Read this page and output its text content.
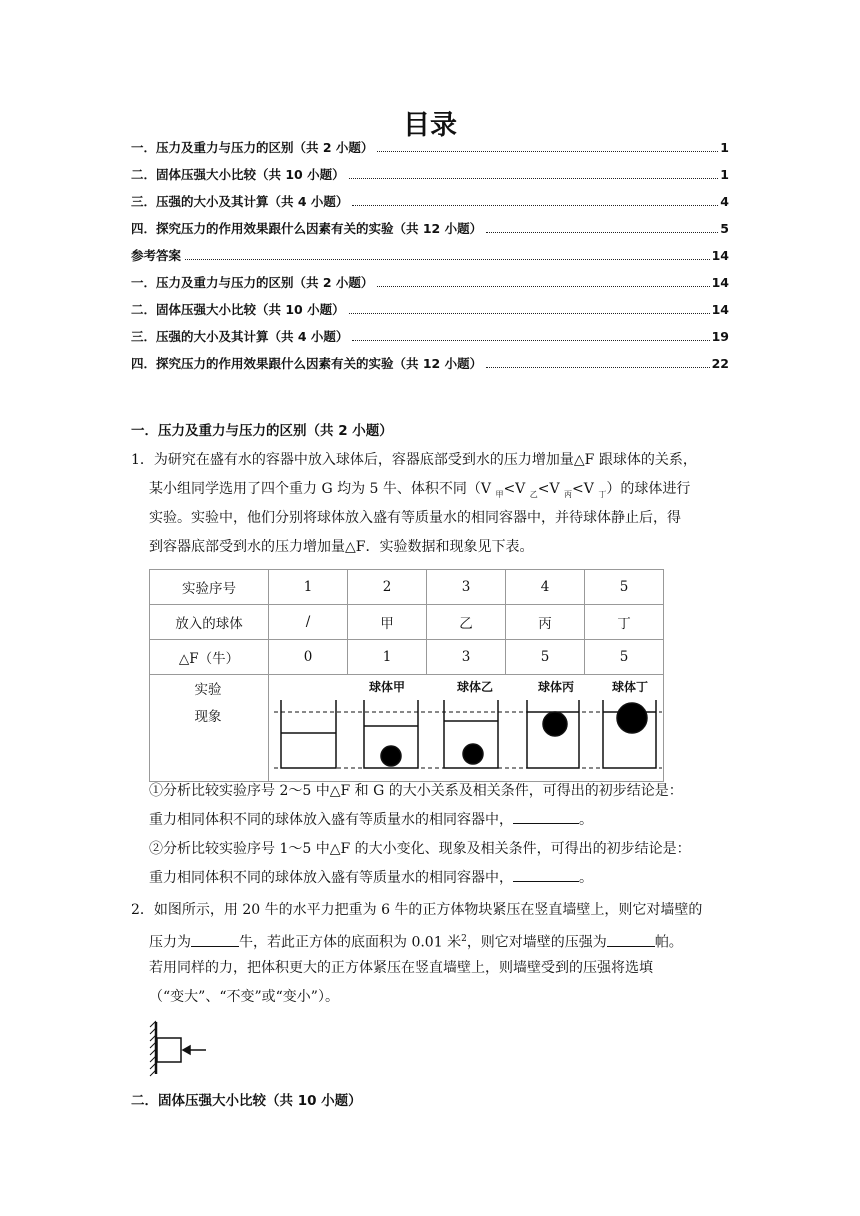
目录
一．压力及重力与压力的区别（共 2 小题）	1
二．固体压强大小比较（共 10 小题）	1
三．压强的大小及其计算（共 4 小题）	4
四．探究压力的作用效果跟什么因素有关的实验（共 12 小题）	5
参考答案	14
一．压力及重力与压力的区别（共 2 小题）	14
二．固体压强大小比较（共 10 小题）	14
三．压强的大小及其计算（共 4 小题）	19
四．探究压力的作用效果跟什么因素有关的实验（共 12 小题）	22
一．压力及重力与压力的区别（共 2 小题）
1．为研究在盛有水的容器中放入球体后，容器底部受到水的压力增加量△F 跟球体的关系，
某小组同学选用了四个重力 G 均为 5 牛、体积不同（V $_甲$<V $_乙$<V $_丙$<V $_丁$）的球体进行
实验。实验中，他们分别将球体放入盛有等质量水的相同容器中，并待球体静止后，得
到容器底部受到水的压力增加量△F．实验数据和现象见下表。
实验序号	1	2	3	4	5
放入的球体	/	甲	乙	丙	丁
△F（牛）	0	1	3	5	5

实验
现象
球体甲	球体乙	球体丙	球体丁
①分析比较实验序号 2～5 中△F 和 G 的大小关系及相关条件，可得出的初步结论是：
重力相同体积不同的球体放入盛有等质量水的相同容器中，	。
②分析比较实验序号 1～5 中△F 的大小变化、现象及相关条件，可得出的初步结论是：
重力相同体积不同的球体放入盛有等质量水的相同容器中，	。
2．如图所示，用 20 牛的水平力把重为 6 牛的正方体物块紧压在竖直墙壁上，则它对墙壁的
压力为	牛，若此正方体的底面积为 0.01 米$^2$，则它对墙壁的压强为	帕。
若用同样的力，把体积更大的正方体紧压在竖直墙壁上，则墙壁受到的压强将选填
（“变大”、“不变”或“变小”）。
二．固体压强大小比较（共 10 小题）
